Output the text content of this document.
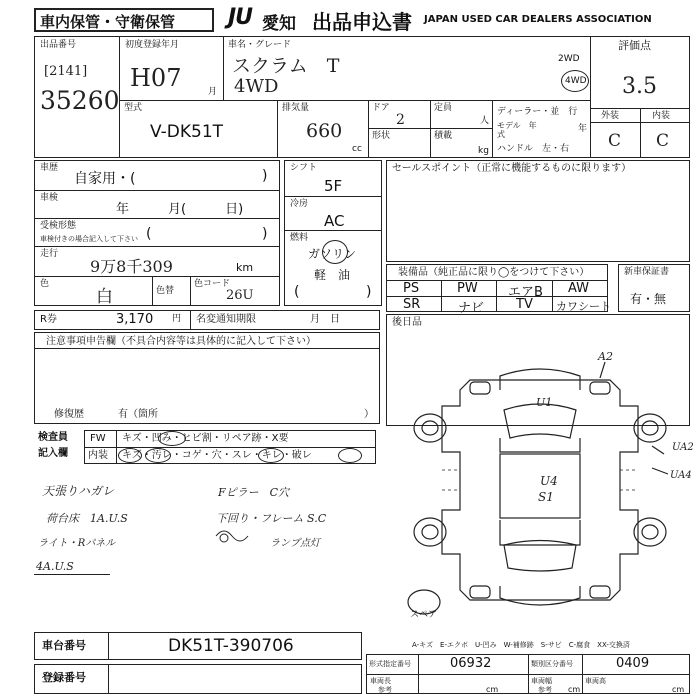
車内保管・守衛保管 JU 愛知 出品申込書 JAPAN USED CAR DEALERS ASSOCIATION
出品番号
[2141]
35260
初度登録年月
H07	月
車名・グレード
スクラム　T
4WD
2WD
4WD
評価点
3.5
外装	内装
C C
型式
V-DK51T
排気量
660
cc
ドア
2
定員
人
形状	積載
kg
ディーラー・並　行
モデル　年式
年
ハンドル　左・右
車歴
自家用・(	)
車検
年　　　月(　　　日)
受検形態
車検付きの場合記入して下さい (	)
走行
9万8千309	km
色
白	色替
色コード
26U
シフト
5F
冷房
AC
燃料
ガソリン
軽　油
(	)
セールスポイント（正常に機能するものに限ります）
装備品（純正品に限り◯をつけて下さい）
PS	PW エアB AW
SR	ナビ TV カワシート
新車保証書
有・無
R券	3,170 円 名変通知期限	月　日	後日品
注意事項申告欄（不具合内容等は具体的に記入して下さい）
修復歴	有（箇所	）
検査員
記入欄
FW キズ・凹み・ヒビ割・リペア跡・X要
内装 キズ・汚レ・コゲ・穴・スレ・キレ・破レ
天張りハガレ	Fピラー　C穴
荷台床　1A.U.S	下回り・フレーム S.C
ライト・Rパネル	ランプ点灯
4A.U.S
A2
U1
UA2
UA4
U4
S1
スペア
A-キズ　E-エクボ　U-凹み　W-補修跡　S-サビ　C-腐食　XX-交換済
車台番号	DK51T-390706
登録番号
形式指定番号	06932	類別区分番号	0409
車両長
参考	cm
車両幅
参考 cm
車両高
cm
